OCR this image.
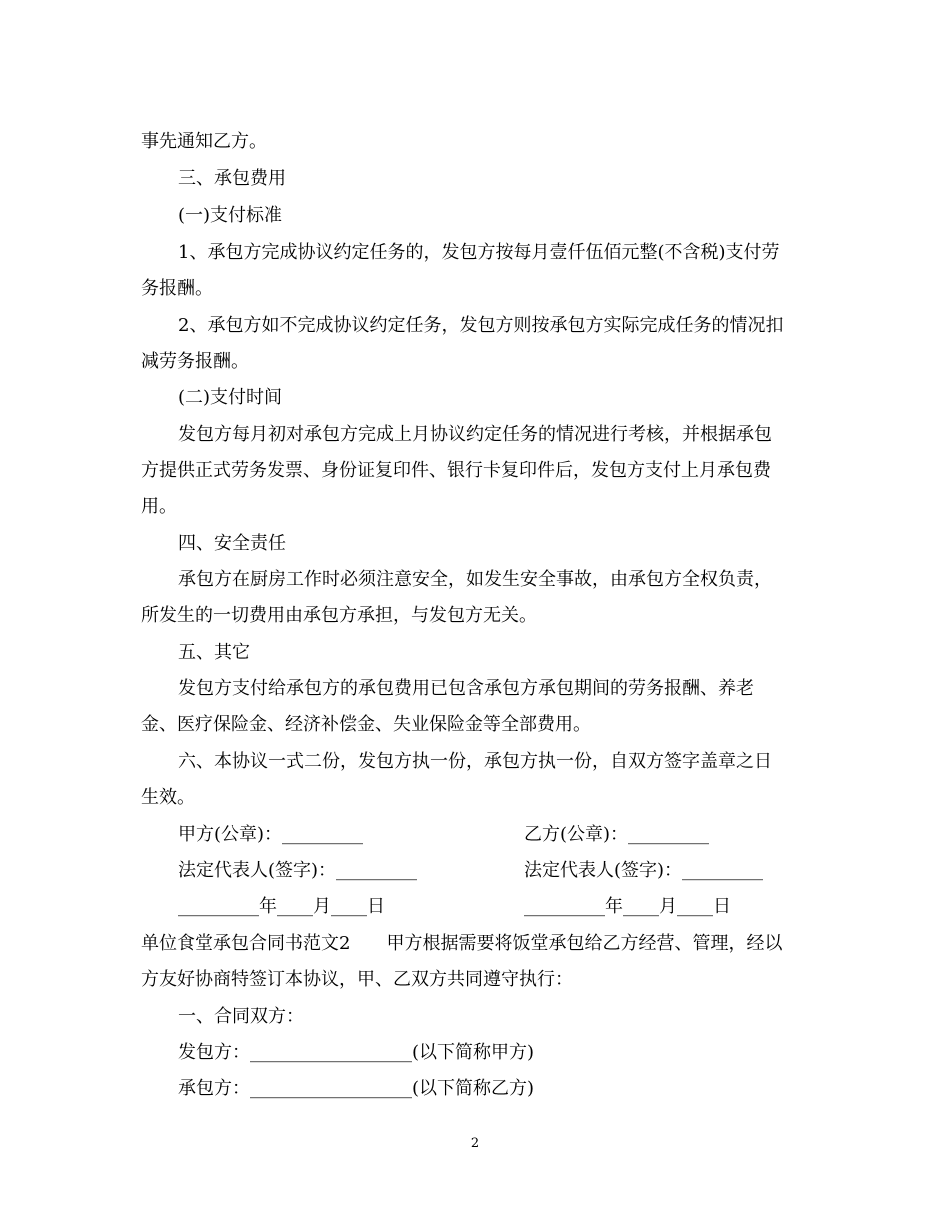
事先通知乙方。
三、承包费用
(一)支付标准
1、承包方完成协议约定任务的，发包方按每月壹仟伍佰元整(不含税)支付劳
务报酬。
2、承包方如不完成协议约定任务，发包方则按承包方实际完成任务的情况扣
减劳务报酬。
(二)支付时间
发包方每月初对承包方完成上月协议约定任务的情况进行考核，并根据承包
方提供正式劳务发票、身份证复印件、银行卡复印件后，发包方支付上月承包费
用。
四、安全责任
承包方在厨房工作时必须注意安全，如发生安全事故，由承包方全权负责，
所发生的一切费用由承包方承担，与发包方无关。
五、其它
发包方支付给承包方的承包费用已包含承包方承包期间的劳务报酬、养老
金、医疗保险金、经济补偿金、失业保险金等全部费用。
六、本协议一式二份，发包方执一份，承包方执一份，自双方签字盖章之日
生效。
甲方(公章)：_________	乙方(公章)：_________
法定代表人(签字)：_________	法定代表人(签字)：_________
_________年____月____日	_________年____月____日
单位食堂承包合同书范文2　　甲方根据需要将饭堂承包给乙方经营、管理，经以
方友好协商特签订本协议，甲、乙双方共同遵守执行：
一、合同双方：
发包方：__________________(以下简称甲方)
承包方：__________________(以下简称乙方)
2
